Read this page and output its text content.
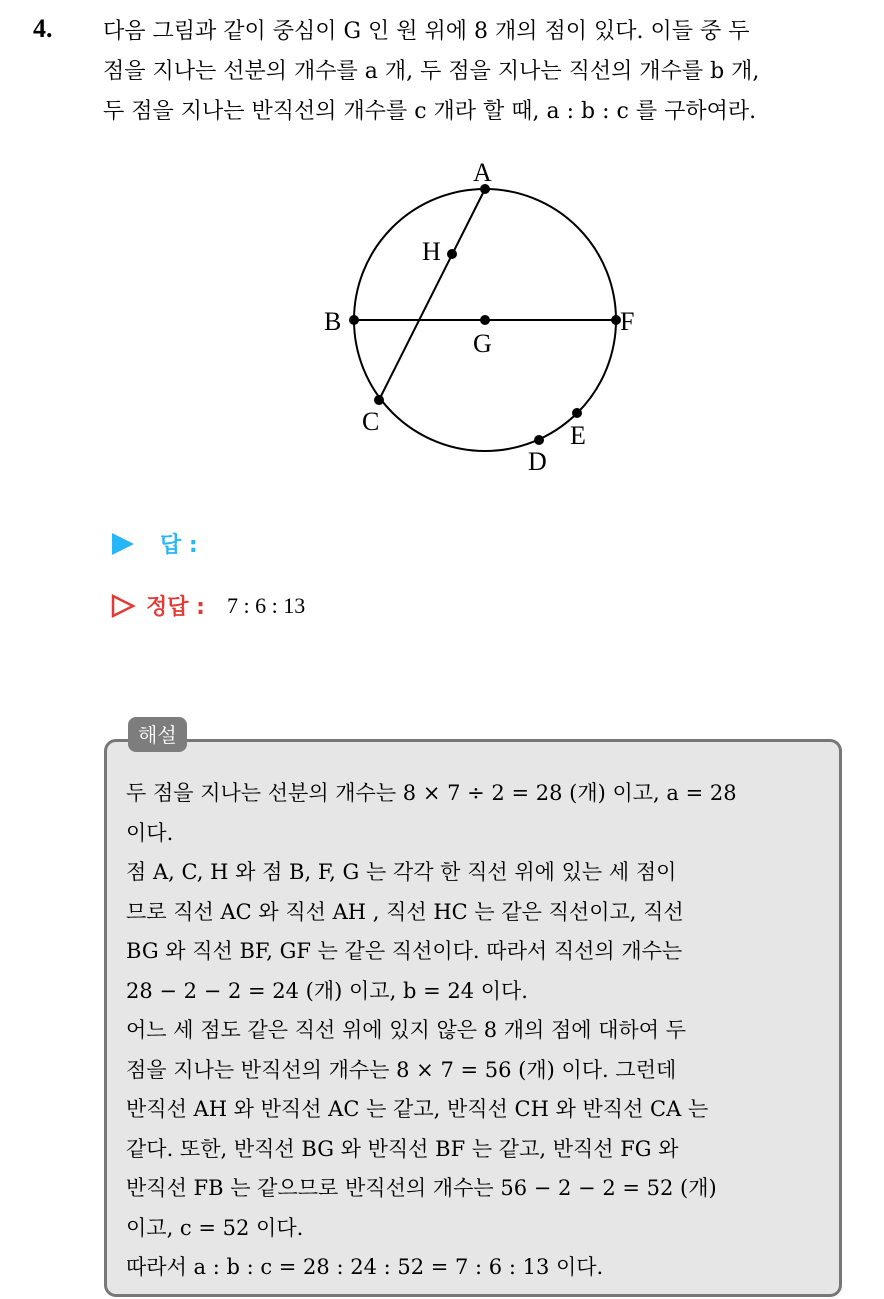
4. 다음 그림과 같이 중심이 G 인 원 위에 8 개의 점이 있다. 이들 중 두
점을 지나는 선분의 개수를 a 개, 두 점을 지나는 직선의 개수를 b 개,
두 점을 지나는 반직선의 개수를 c 개라 할 때, a : b : c 를 구하여라.
A
H
B
G
F
C
D
E
답 :
정답 : 7 : 6 : 13
해설
두 점을 지나는 선분의 개수는 8 × 7 ÷ 2 = 28 (개) 이고, a = 28
이다.
점 A, C, H 와 점 B, F, G 는 각각 한 직선 위에 있는 세 점이
므로 직선 AC 와 직선 AH , 직선 HC 는 같은 직선이고, 직선
BG 와 직선 BF, GF 는 같은 직선이다. 따라서 직선의 개수는
28 − 2 − 2 = 24 (개) 이고, b = 24 이다.
어느 세 점도 같은 직선 위에 있지 않은 8 개의 점에 대하여 두
점을 지나는 반직선의 개수는 8 × 7 = 56 (개) 이다. 그런데
반직선 AH 와 반직선 AC 는 같고, 반직선 CH 와 반직선 CA 는
같다. 또한, 반직선 BG 와 반직선 BF 는 같고, 반직선 FG 와
반직선 FB 는 같으므로 반직선의 개수는 56 − 2 − 2 = 52 (개)
이고, c = 52 이다.
따라서 a : b : c = 28 : 24 : 52 = 7 : 6 : 13 이다.
